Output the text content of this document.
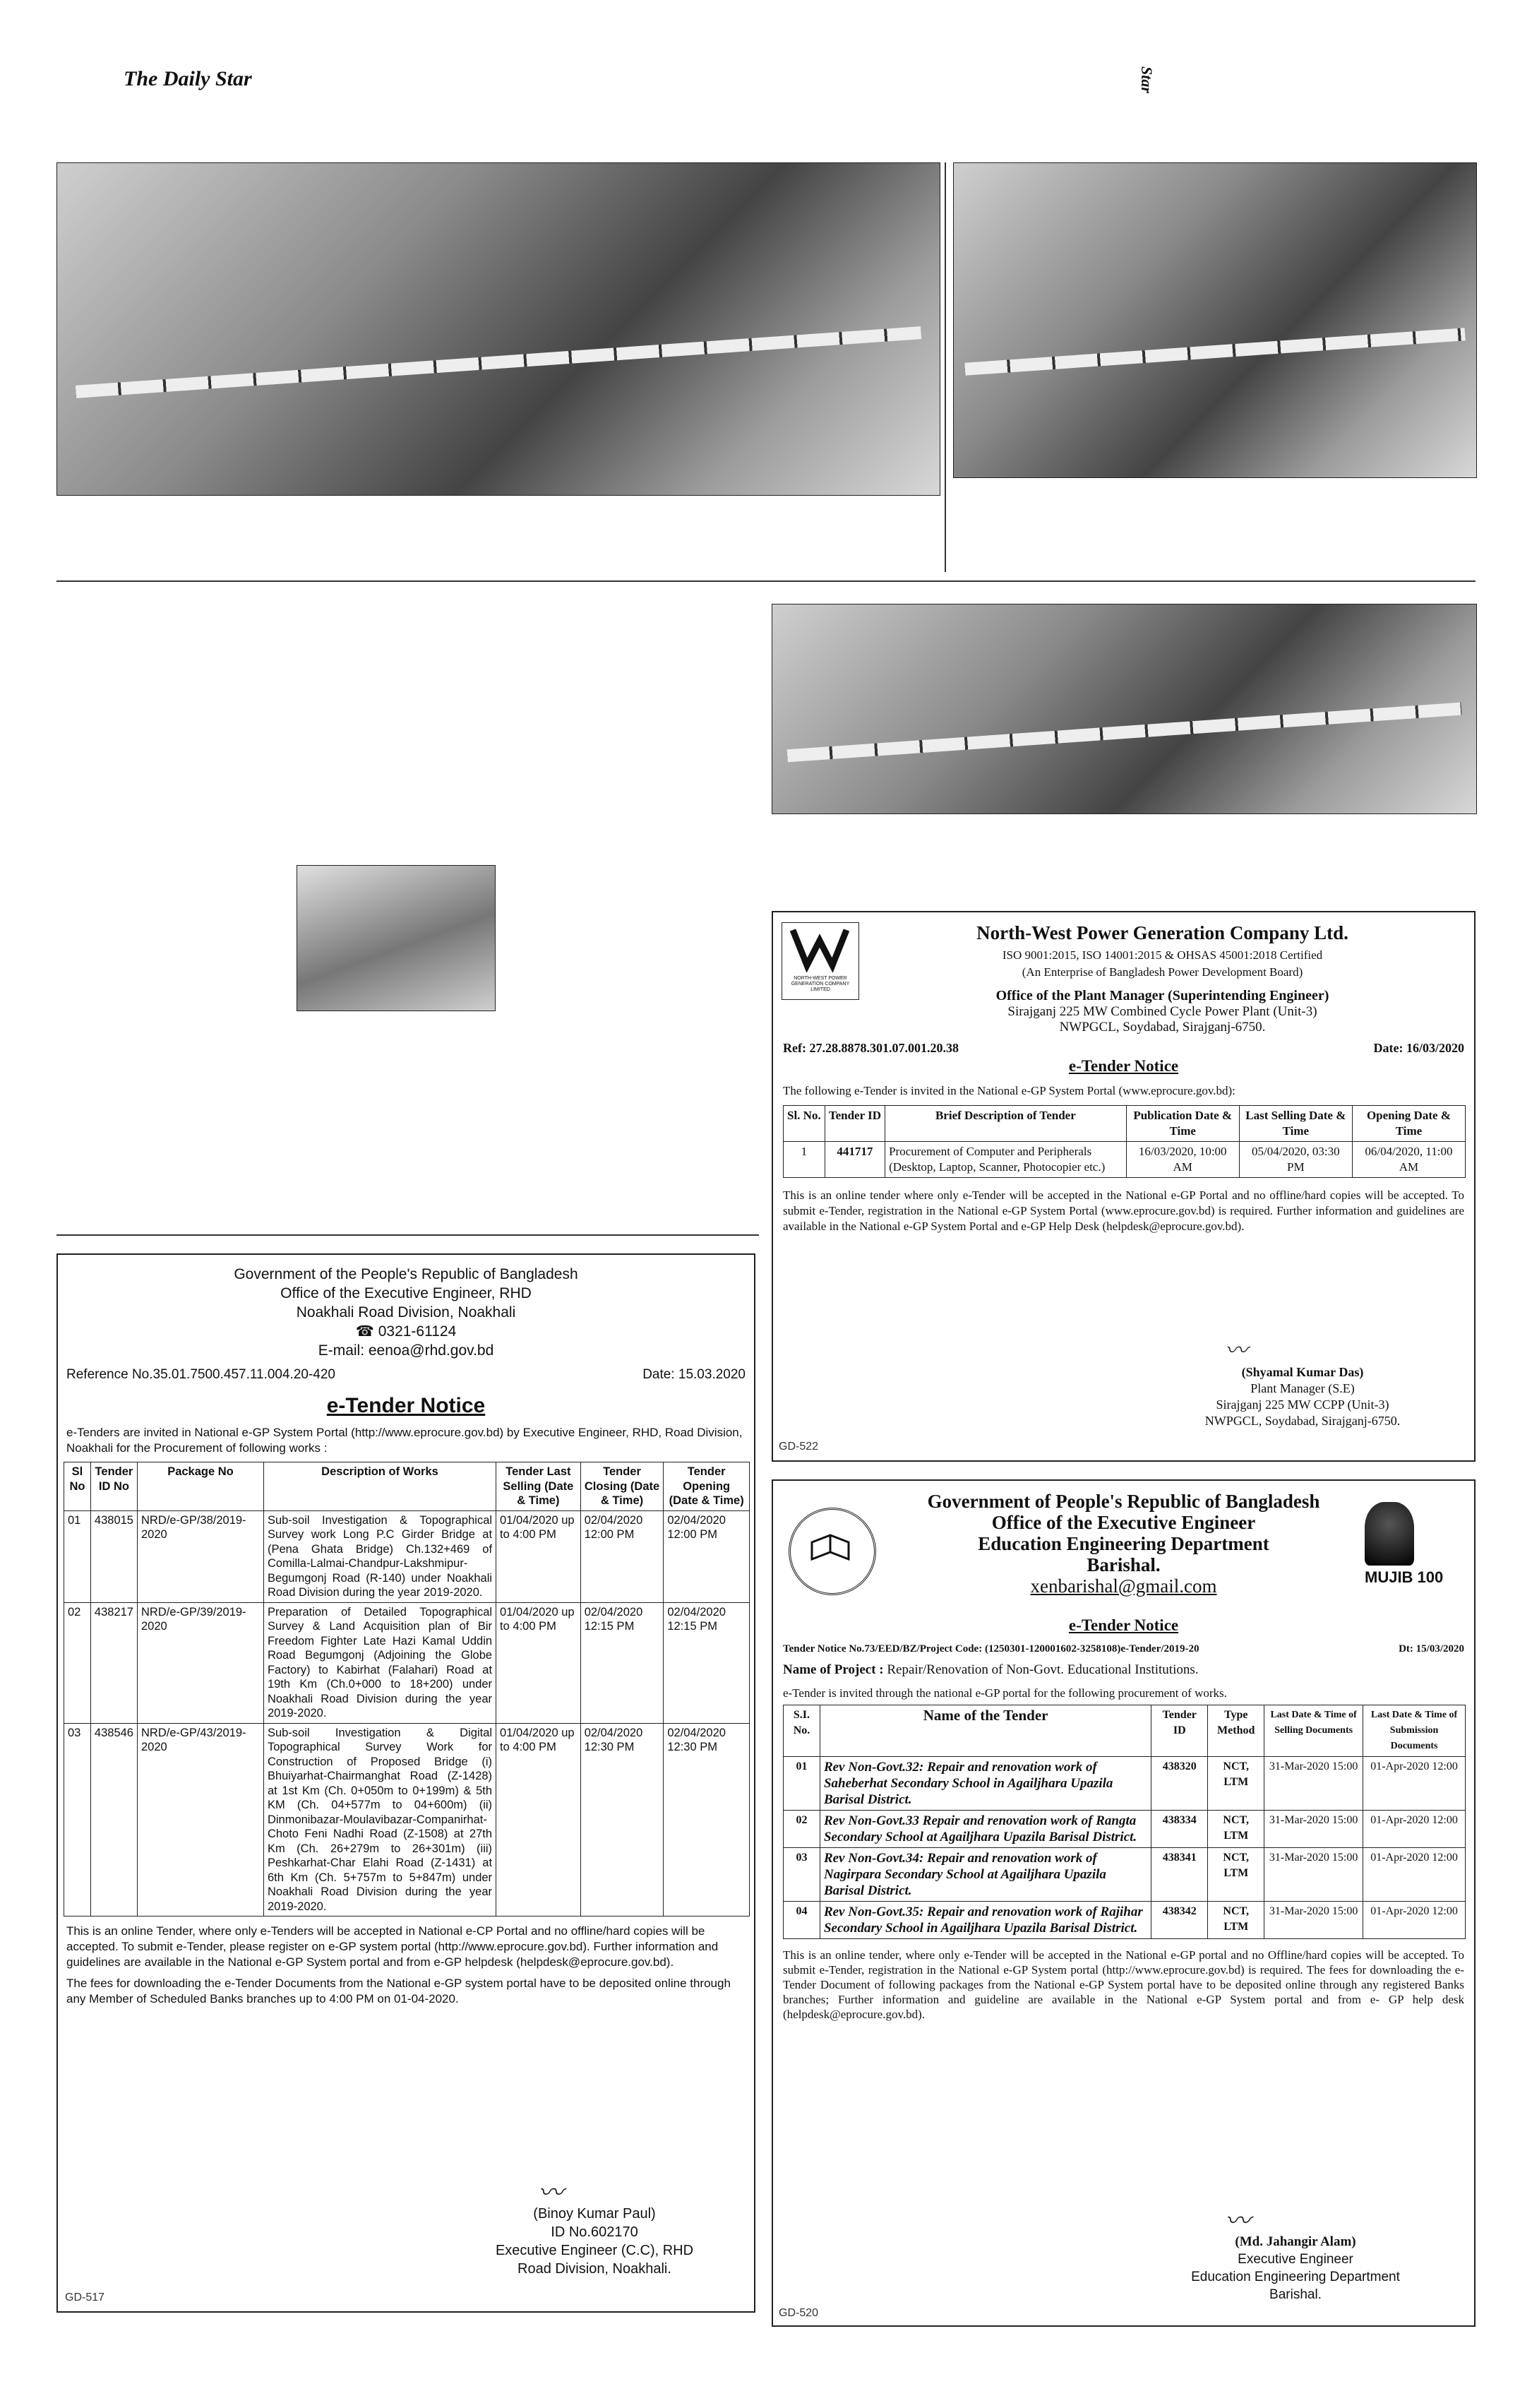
The Daily Star	Star
Government of the People's Republic of Bangladesh
Office of the Executive Engineer, RHD
Noakhali Road Division, Noakhali
☎ 0321-61124
E-mail: eenoa@rhd.gov.bd
Reference No.35.01.7500.457.11.004.20-420	Date: 15.03.2020
e-Tender Notice
e-Tenders are invited in National e-GP System Portal (http://www.eprocure.gov.bd) by Executive Engineer, RHD, Road Division, Noakhali for the Procurement of following works :
Sl No	Tender ID No	Package No	Description of Works	Tender Last Selling (Date & Time)	Tender Closing (Date & Time)	Tender Opening (Date & Time)
01	438015	NRD/e-GP/38/2019-2020	Sub-soil Investigation & Topographical Survey work Long P.C Girder Bridge at (Pena Ghata Bridge) Ch.132+469 of Comilla-Lalmai-Chandpur-Lakshmipur-Begumgonj Road (R-140) under Noakhali Road Division during the year 2019-2020.	01/04/2020 up to 4:00 PM	02/04/2020 12:00 PM	02/04/2020 12:00 PM
02	438217	NRD/e-GP/39/2019-2020	Preparation of Detailed Topographical Survey & Land Acquisition plan of Bir Freedom Fighter Late Hazi Kamal Uddin Road Begumgonj (Adjoining the Globe Factory) to Kabirhat (Falahari) Road at 19th Km (Ch.0+000 to 18+200) under Noakhali Road Division during the year 2019-2020.	01/04/2020 up to 4:00 PM	02/04/2020 12:15 PM	02/04/2020 12:15 PM
03	438546	NRD/e-GP/43/2019-2020	Sub-soil Investigation & Digital Topographical Survey Work for Construction of Proposed Bridge (i) Bhuiyarhat-Chairmanghat Road (Z-1428) at 1st Km (Ch. 0+050m to 0+199m) & 5th KM (Ch. 04+577m to 04+600m) (ii) Dinmonibazar-Moulavibazar-Companirhat-Choto Feni Nadhi Road (Z-1508) at 27th Km (Ch. 26+279m to 26+301m) (iii) Peshkarhat-Char Elahi Road (Z-1431) at 6th Km (Ch. 5+757m to 5+847m) under Noakhali Road Division during the year 2019-2020.	01/04/2020 up to 4:00 PM	02/04/2020 12:30 PM	02/04/2020 12:30 PM
This is an online Tender, where only e-Tenders will be accepted in National e-CP Portal and no offline/hard copies will be accepted. To submit e-Tender, please register on e-GP system portal (http://www.eprocure.gov.bd). Further information and guidelines are available in the National e-GP System portal and from e-GP helpdesk (helpdesk@eprocure.gov.bd).
The fees for downloading the e-Tender Documents from the National e-GP system portal have to be deposited online through any Member of Scheduled Banks branches up to 4:00 PM on 01-04-2020.
〰
(Binoy Kumar Paul)
ID No.602170
Executive Engineer (C.C), RHD
Road Division, Noakhali.
GD-517
NORTH-WEST POWER GENERATION COMPANY LIMITED
North-West Power Generation Company Ltd.
ISO 9001:2015, ISO 14001:2015 & OHSAS 45001:2018 Certified
(An Enterprise of Bangladesh Power Development Board)
Office of the Plant Manager (Superintending Engineer)
Sirajganj 225 MW Combined Cycle Power Plant (Unit-3)
NWPGCL, Soydabad, Sirajganj-6750.
Ref: 27.28.8878.301.07.001.20.38	Date: 16/03/2020
e-Tender Notice
The following e-Tender is invited in the National e-GP System Portal (www.eprocure.gov.bd):
Sl. No.	Tender ID	Brief Description of Tender	Publication Date & Time	Last Selling Date & Time	Opening Date & Time
1	441717	Procurement of Computer and Peripherals (Desktop, Laptop, Scanner, Photocopier etc.)	16/03/2020, 10:00 AM	05/04/2020, 03:30 PM	06/04/2020, 11:00 AM
This is an online tender where only e-Tender will be accepted in the National e-GP Portal and no offline/hard copies will be accepted. To submit e-Tender, registration in the National e-GP System Portal (www.eprocure.gov.bd) is required. Further information and guidelines are available in the National e-GP System Portal and e-GP Help Desk (helpdesk@eprocure.gov.bd).
〰
(Shyamal Kumar Das)
Plant Manager (S.E)
Sirajganj 225 MW CCPP (Unit-3)
NWPGCL, Soydabad, Sirajganj-6750.
GD-522
MUJIB 100
Government of People's Republic of Bangladesh
Office of the Executive Engineer
Education Engineering Department
Barishal.
xenbarishal@gmail.com
e-Tender Notice
Tender Notice No.73/EED/BZ/Project Code: (1250301-120001602-3258108)e-Tender/2019-20	Dt: 15/03/2020
Name of Project : Repair/Renovation of Non-Govt. Educational Institutions.
e-Tender is invited through the national e-GP portal for the following procurement of works.
S.I. No.	Name of the Tender	Tender ID	Type Method	Last Date & Time of Selling Documents	Last Date & Time of Submission Documents
01	Rev Non-Govt.32: Repair and renovation work of Saheberhat Secondary School in Agailjhara Upazila Barisal District.	438320	NCT, LTM	31-Mar-2020 15:00	01-Apr-2020 12:00
02	Rev Non-Govt.33 Repair and renovation work of Rangta Secondary School at Agailjhara Upazila Barisal District.	438334	NCT, LTM	31-Mar-2020 15:00	01-Apr-2020 12:00
03	Rev Non-Govt.34: Repair and renovation work of Nagirpara Secondary School at Agailjhara Upazila Barisal District.	438341	NCT, LTM	31-Mar-2020 15:00	01-Apr-2020 12:00
04	Rev Non-Govt.35: Repair and renovation work of Rajihar Secondary School in Agailjhara Upazila Barisal District.	438342	NCT, LTM	31-Mar-2020 15:00	01-Apr-2020 12:00
This is an online tender, where only e-Tender will be accepted in the National e-GP portal and no Offline/hard copies will be accepted. To submit e-Tender, registration in the National e-GP System portal (http://www.eprocure.gov.bd) is required. The fees for downloading the e-Tender Document of following packages from the National e-GP System portal have to be deposited online through any registered Banks branches; Further information and guideline are available in the National e-GP System portal and from e- GP help desk (helpdesk@eprocure.gov.bd).
〰
(Md. Jahangir Alam)
Executive Engineer
Education Engineering Department
Barishal.
GD-520
